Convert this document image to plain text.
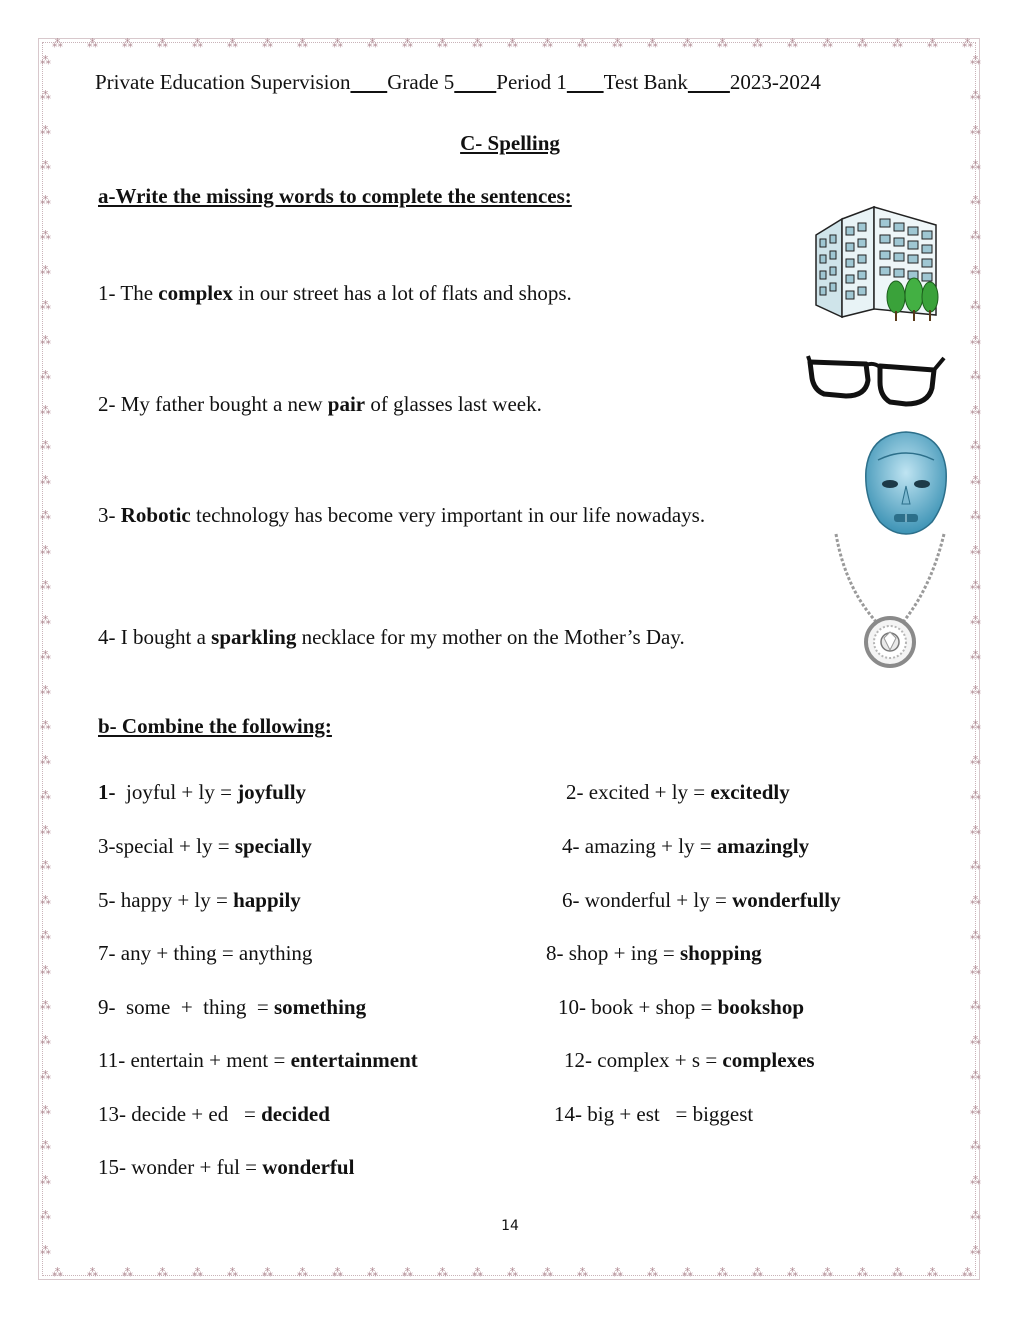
⁂
⁂
⁂
⁂
⁂
⁂
⁂
⁂
⁂
⁂
⁂
⁂
⁂
⁂
⁂
⁂
⁂
⁂
⁂
⁂
⁂
⁂
⁂
⁂
⁂
⁂
⁂
⁂
⁂
⁂
⁂
⁂
⁂
⁂
⁂
⁂
⁂
⁂
⁂
⁂
⁂
⁂
⁂
⁂
⁂
⁂
⁂
⁂
⁂
⁂
⁂
⁂
⁂
⁂
⁂	⁂
⁂	⁂
⁂	⁂
⁂	⁂
⁂	⁂
⁂	⁂
⁂	⁂
⁂	⁂
⁂	⁂
⁂	⁂
⁂	⁂
⁂	⁂
⁂	⁂
⁂	⁂
⁂	⁂
⁂	⁂
⁂	⁂
⁂	⁂
⁂	⁂
⁂	⁂
⁂	⁂
⁂	⁂
⁂	⁂
⁂	⁂
⁂	⁂
⁂	⁂
⁂	⁂
⁂	⁂
⁂	⁂
⁂	⁂
⁂	⁂
⁂	⁂
⁂	⁂
⁂	⁂
⁂	⁂
Private Education Supervision Grade 5 Period 1 Test Bank 2023-2024
C- Spelling
a-Write the missing words to complete the sentences:
1- The complex in our street has a lot of flats and shops.
2- My father bought a new pair of glasses last week.
3- Robotic technology has become very important in our life nowadays.
4- I bought a sparkling necklace for my mother on the Mother’s Day.
b- Combine the following:
1-  joyful + ly = joyfully	2- excited + ly = excitedly
3-special + ly = specially	4- amazing + ly = amazingly
5- happy + ly = happily	6- wonderful + ly = wonderfully
7- any + thing = anything	8- shop + ing = shopping
9-  some  +  thing  = something	10- book + shop = bookshop
11- entertain + ment = entertainment	12- complex + s = complexes
13- decide + ed   = decided	14- big + est   = biggest
15- wonder + ful = wonderful
14
